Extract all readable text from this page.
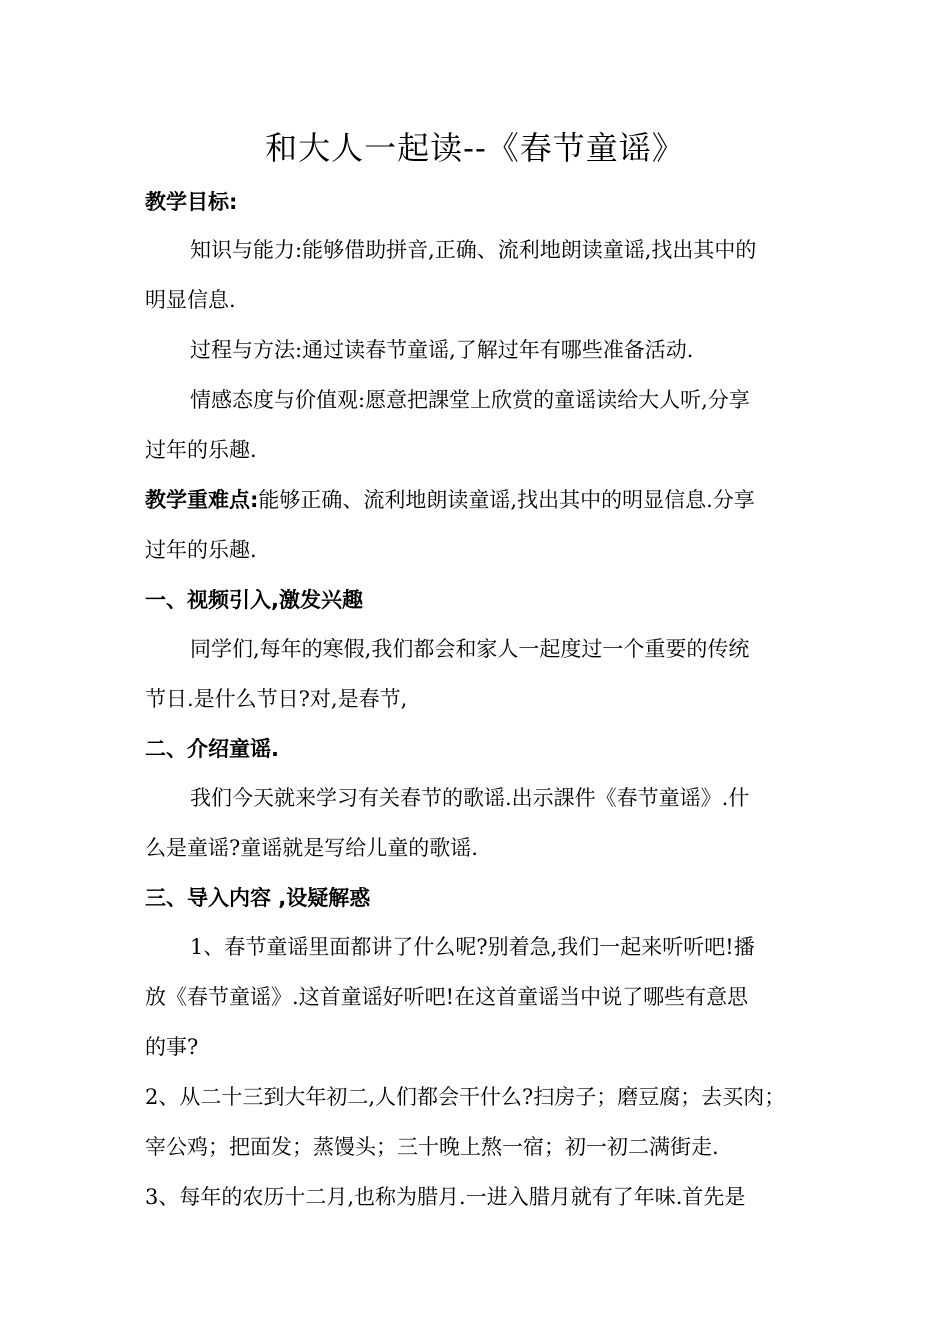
和大人一起读--《春节童谣》
教学目标:
知识与能力:能够借助拼音,正确、流利地朗读童谣,找出其中的
明显信息.
过程与方法:通过读春节童谣,了解过年有哪些准备活动.
情感态度与价值观:愿意把課堂上欣赏的童谣读给大人听,分享
过年的乐趣.
教学重难点:能够正确、流利地朗读童谣,找出其中的明显信息.分享
过年的乐趣.
一、视频引入,激发兴趣
同学们,每年的寒假,我们都会和家人一起度过一个重要的传统
节日.是什么节日?对,是春节,
二、介绍童谣.
我们今天就来学习有关春节的歌谣.出示課件《春节童谣》.什
么是童谣?童谣就是写给儿童的歌谣.
三、导入内容 ,设疑解惑
1、春节童谣里面都讲了什么呢?别着急,我们一起来听听吧!播
放《春节童谣》.这首童谣好听吧!在这首童谣当中说了哪些有意思
的事?
2、从二十三到大年初二,人们都会干什么?扫房子；磨豆腐；去买肉；
宰公鸡；把面发；蒸馒头；三十晚上熬一宿；初一初二满街走.
3、每年的农历十二月,也称为腊月.一进入腊月就有了年味.首先是
